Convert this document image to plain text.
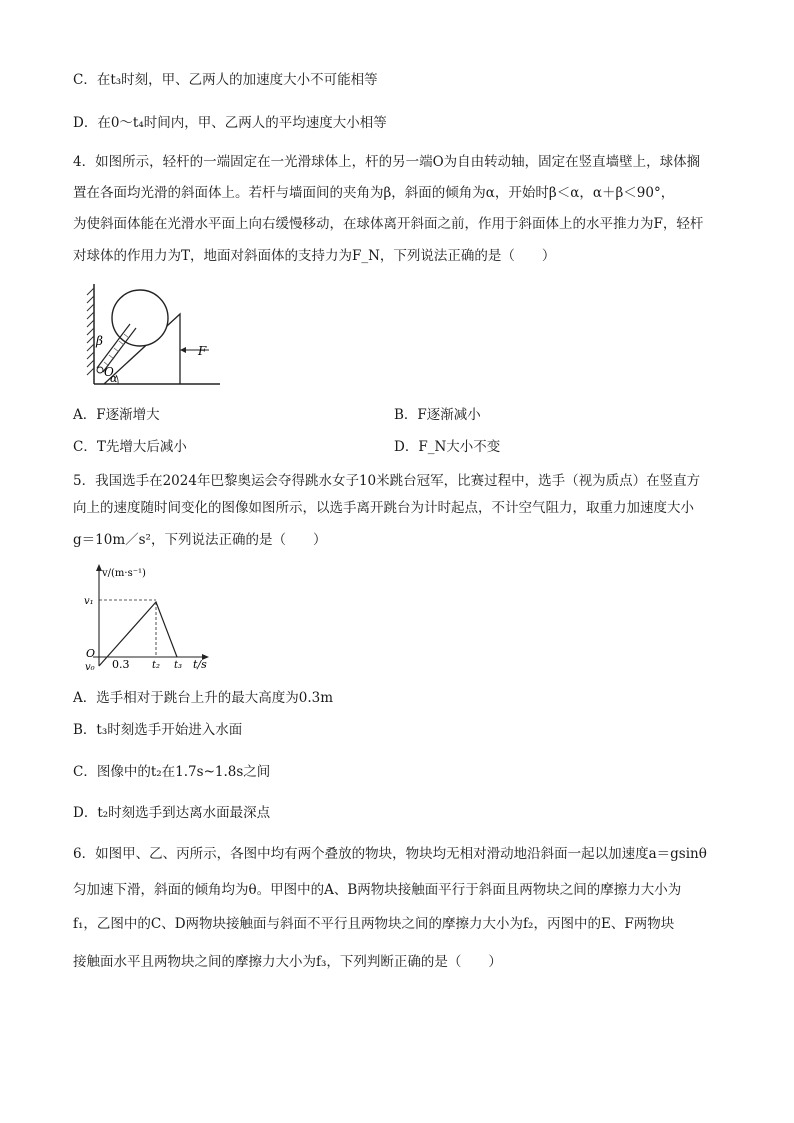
C．在t₃时刻，甲、乙两人的加速度大小不可能相等
D．在0～t₄时间内，甲、乙两人的平均速度大小相等
4．如图所示，轻杆的一端固定在一光滑球体上，杆的另一端O为自由转动轴，固定在竖直墙壁上，球体搁
置在各面均光滑的斜面体上。若杆与墙面间的夹角为β，斜面的倾角为α，开始时β＜α，α＋β＜90°，
为使斜面体能在光滑水平面上向右缓慢移动，在球体离开斜面之前，作用于斜面体上的水平推力为F，轻杆
对球体的作用力为T，地面对斜面体的支持力为F_N，下列说法正确的是（　　）
F
β
O
α
A．F逐渐增大	B．F逐渐减小
C．T先增大后减小	D．F_N大小不变
5．我国选手在2024年巴黎奥运会夺得跳水女子10米跳台冠军，比赛过程中，选手（视为质点）在竖直方
向上的速度随时间变化的图像如图所示，以选手离开跳台为计时起点，不计空气阻力，取重力加速度大小
g＝10m／s²，下列说法正确的是（　　）
v/(m·s⁻¹)
v₁
O
v₀ 0.3 t₂ t₃ t/s
A．选手相对于跳台上升的最大高度为0.3m
B．t₃时刻选手开始进入水面
C．图像中的t₂在1.7s~1.8s之间
D．t₂时刻选手到达离水面最深点
6．如图甲、乙、丙所示，各图中均有两个叠放的物块，物块均无相对滑动地沿斜面一起以加速度a＝gsinθ
匀加速下滑，斜面的倾角均为θ。甲图中的A、B两物块接触面平行于斜面且两物块之间的摩擦力大小为
f₁，乙图中的C、D两物块接触面与斜面不平行且两物块之间的摩擦力大小为f₂，丙图中的E、F两物块
接触面水平且两物块之间的摩擦力大小为f₃，下列判断正确的是（　　）
